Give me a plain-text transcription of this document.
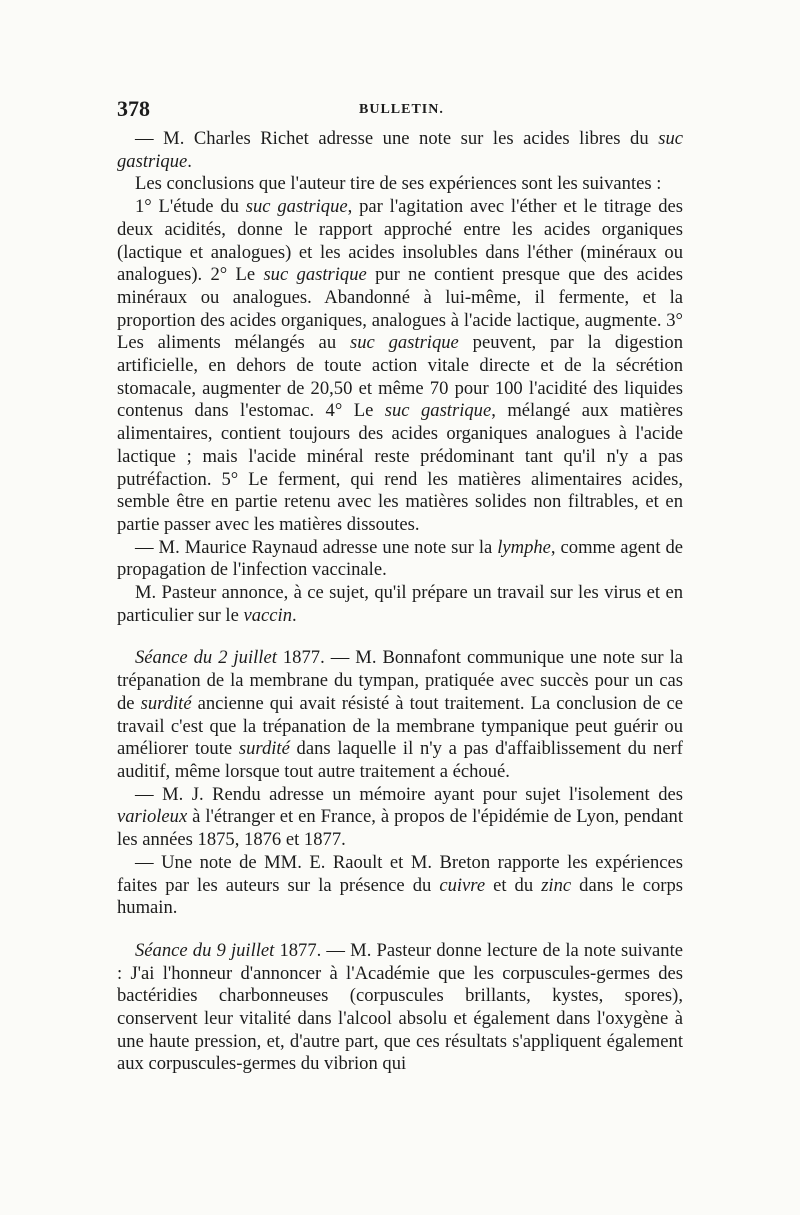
378	BULLETIN.

— M. Charles Richet adresse une note sur les acides libres du suc gastrique.

Les conclusions que l'auteur tire de ses expériences sont les suivantes :

1° L'étude du suc gastrique, par l'agitation avec l'éther et le titrage des deux acidités, donne le rapport approché entre les acides organiques (lactique et analogues) et les acides insolubles dans l'éther (minéraux ou analogues). 2° Le suc gastrique pur ne contient presque que des acides minéraux ou analogues. Abandonné à lui-même, il fermente, et la proportion des acides organiques, analogues à l'acide lactique, augmente. 3° Les aliments mélangés au suc gastrique peuvent, par la digestion artificielle, en dehors de toute action vitale directe et de la sécrétion stomacale, augmenter de 20,50 et même 70 pour 100 l'acidité des liquides contenus dans l'estomac. 4° Le suc gastrique, mélangé aux matières alimentaires, contient toujours des acides organiques analogues à l'acide lactique ; mais l'acide minéral reste prédominant tant qu'il n'y a pas putréfaction. 5° Le ferment, qui rend les matières alimentaires acides, semble être en partie retenu avec les matières solides non filtrables, et en partie passer avec les matières dissoutes.

— M. Maurice Raynaud adresse une note sur la lymphe, comme agent de propagation de l'infection vaccinale.

M. Pasteur annonce, à ce sujet, qu'il prépare un travail sur les virus et en particulier sur le vaccin.

Séance du 2 juillet 1877. — M. Bonnafont communique une note sur la trépanation de la membrane du tympan, pratiquée avec succès pour un cas de surdité ancienne qui avait résisté à tout traitement. La conclusion de ce travail c'est que la trépanation de la membrane tympanique peut guérir ou améliorer toute surdité dans laquelle il n'y a pas d'affaiblissement du nerf auditif, même lorsque tout autre traitement a échoué.

— M. J. Rendu adresse un mémoire ayant pour sujet l'isolement des varioleux à l'étranger et en France, à propos de l'épidémie de Lyon, pendant les années 1875, 1876 et 1877.

— Une note de MM. E. Raoult et M. Breton rapporte les expériences faites par les auteurs sur la présence du cuivre et du zinc dans le corps humain.

Séance du 9 juillet 1877. — M. Pasteur donne lecture de la note suivante : J'ai l'honneur d'annoncer à l'Académie que les corpuscules-germes des bactéridies charbonneuses (corpuscules brillants, kystes, spores), conservent leur vitalité dans l'alcool absolu et également dans l'oxygène à une haute pression, et, d'autre part, que ces résultats s'appliquent également aux corpuscules-germes du vibrion qui
